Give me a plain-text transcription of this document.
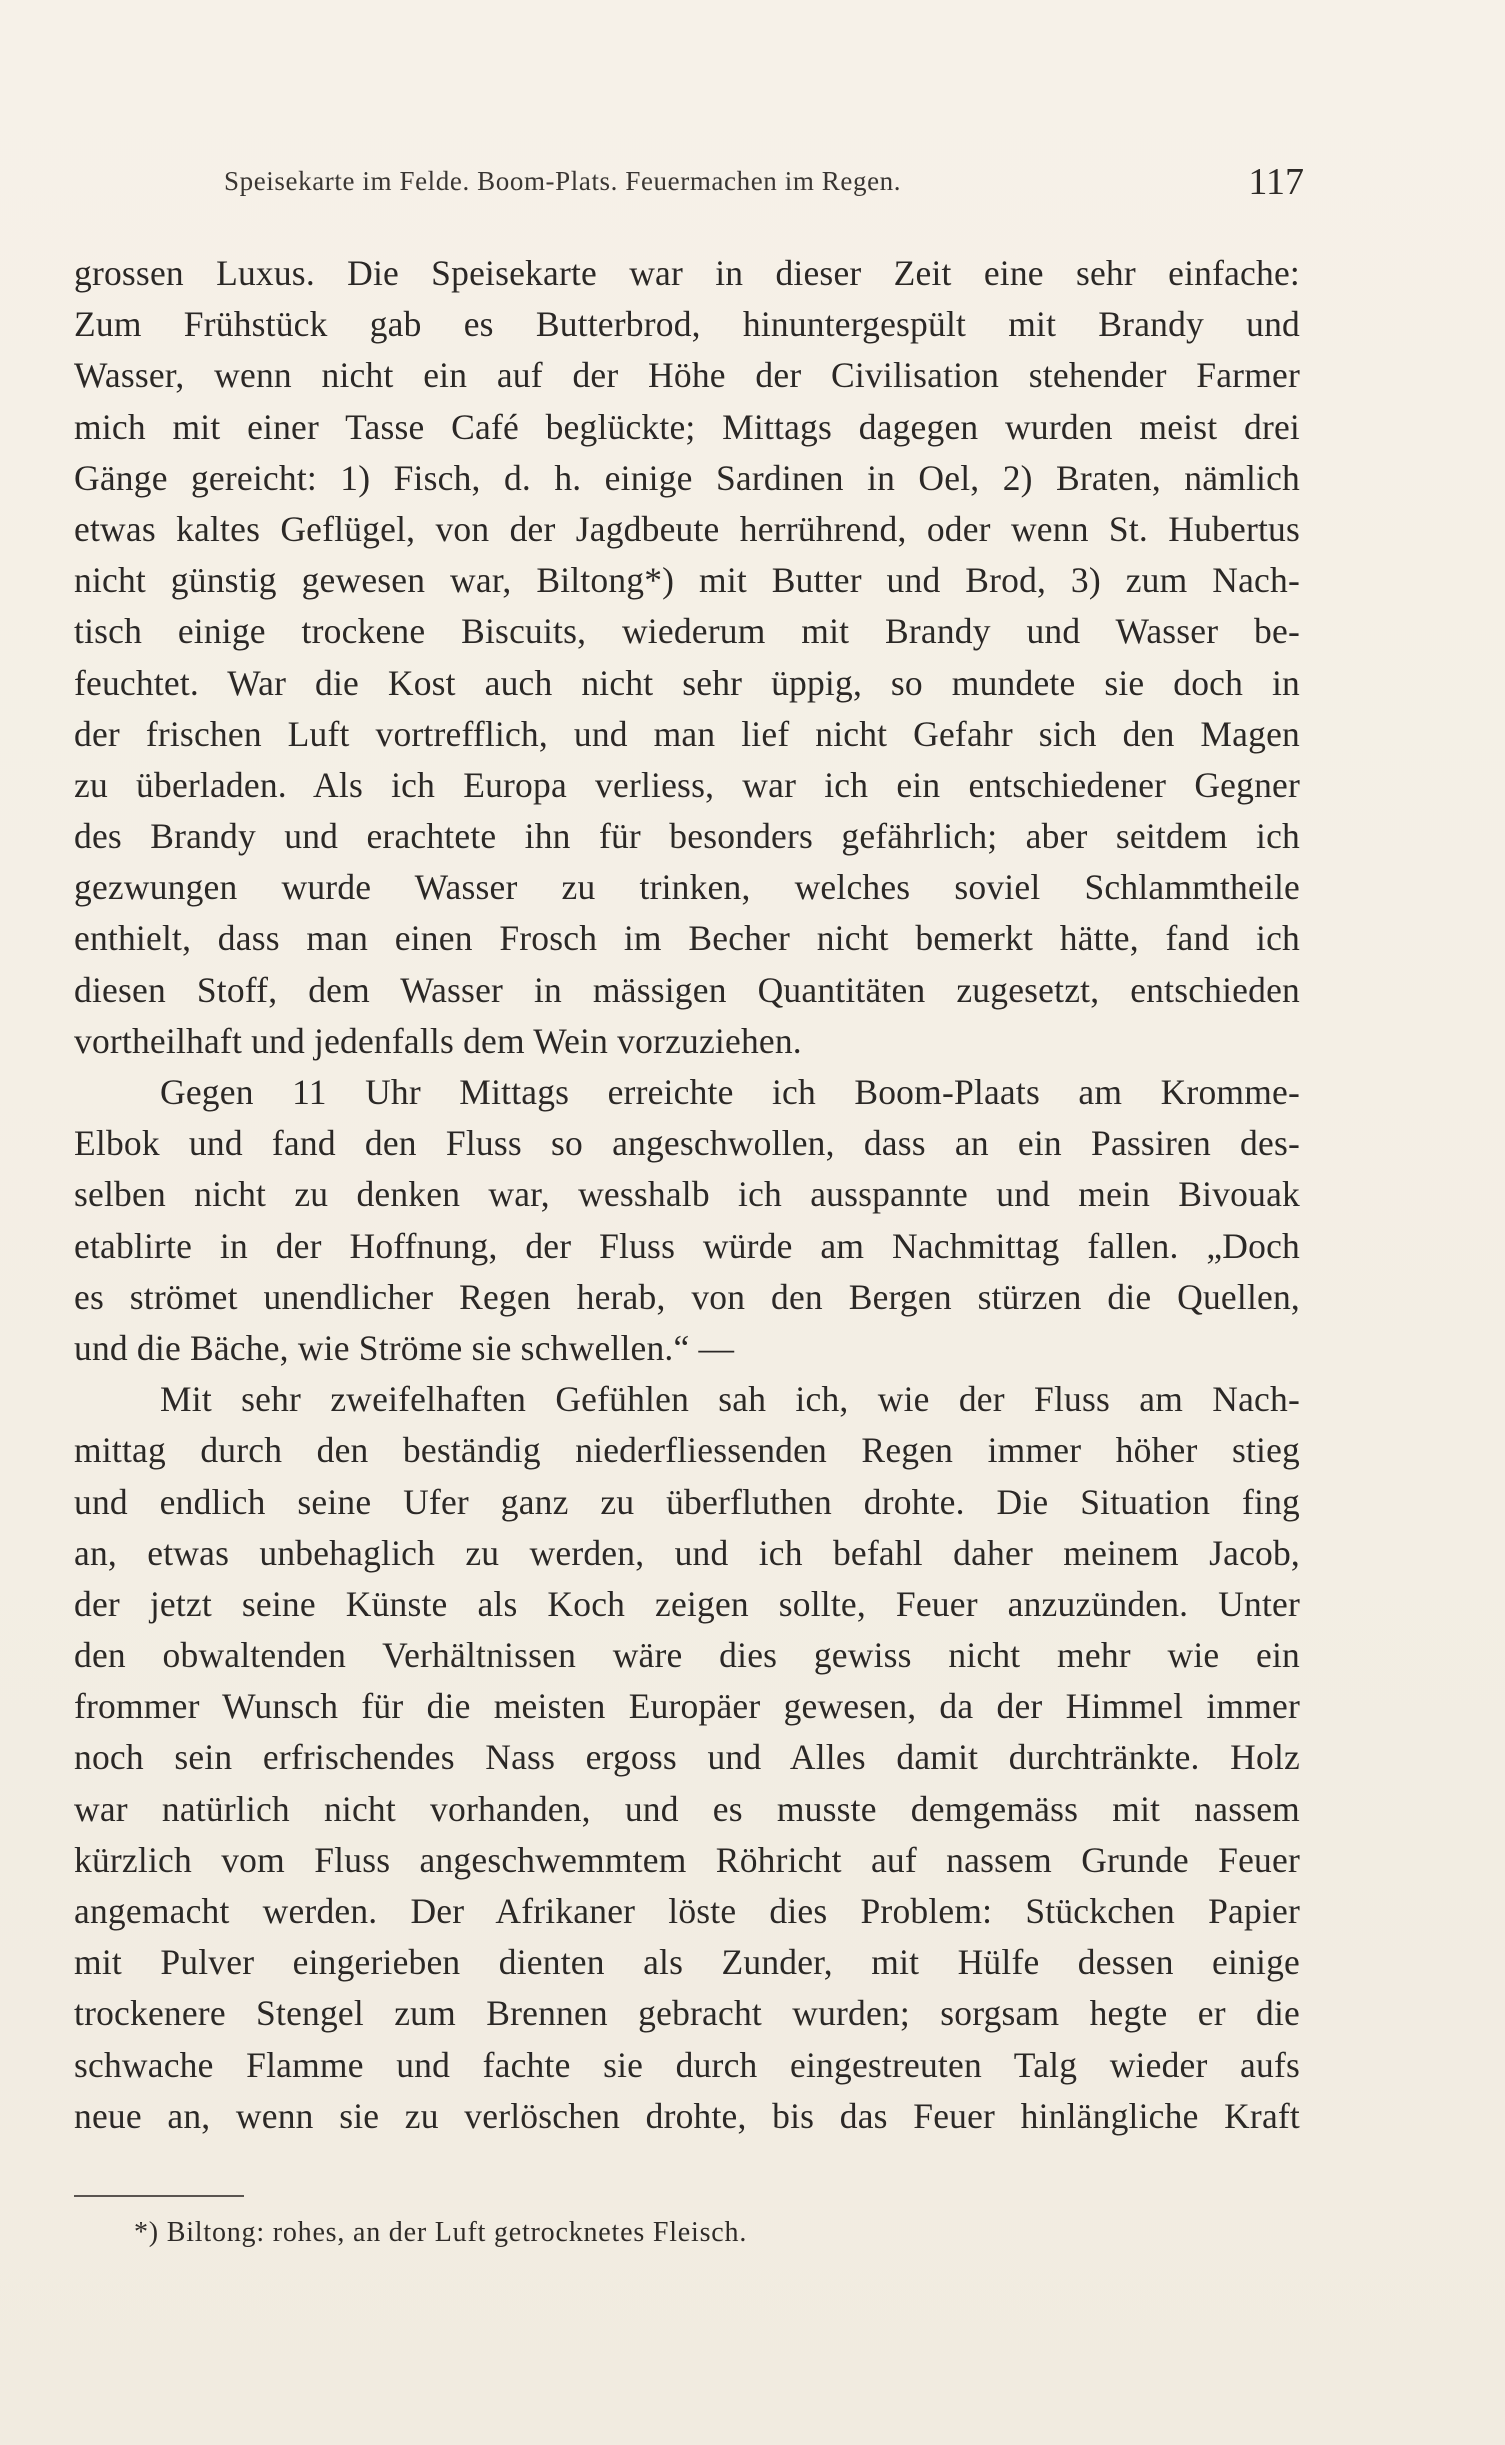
Speisekarte im Felde. Boom-Plats. Feuermachen im Regen.	117
grossen Luxus. Die Speisekarte war in dieser Zeit eine sehr einfache:
Zum Frühstück gab es Butterbrod, hinuntergespült mit Brandy und
Wasser, wenn nicht ein auf der Höhe der Civilisation stehender Farmer
mich mit einer Tasse Café beglückte; Mittags dagegen wurden meist drei
Gänge gereicht: 1) Fisch, d. h. einige Sardinen in Oel, 2) Braten, nämlich
etwas kaltes Geflügel, von der Jagdbeute herrührend, oder wenn St. Hubertus
nicht günstig gewesen war, Biltong*) mit Butter und Brod, 3) zum Nach-
tisch einige trockene Biscuits, wiederum mit Brandy und Wasser be-
feuchtet. War die Kost auch nicht sehr üppig, so mundete sie doch in
der frischen Luft vortrefflich, und man lief nicht Gefahr sich den Magen
zu überladen. Als ich Europa verliess, war ich ein entschiedener Gegner
des Brandy und erachtete ihn für besonders gefährlich; aber seitdem ich
gezwungen wurde Wasser zu trinken, welches soviel Schlammtheile
enthielt, dass man einen Frosch im Becher nicht bemerkt hätte, fand ich
diesen Stoff, dem Wasser in mässigen Quantitäten zugesetzt, entschieden
vortheilhaft und jedenfalls dem Wein vorzuziehen.
Gegen 11 Uhr Mittags erreichte ich Boom-Plaats am Kromme-
Elbok und fand den Fluss so angeschwollen, dass an ein Passiren des-
selben nicht zu denken war, wesshalb ich ausspannte und mein Bivouak
etablirte in der Hoffnung, der Fluss würde am Nachmittag fallen. „Doch
es strömet unendlicher Regen herab, von den Bergen stürzen die Quellen,
und die Bäche, wie Ströme sie schwellen.“ —
Mit sehr zweifelhaften Gefühlen sah ich, wie der Fluss am Nach-
mittag durch den beständig niederfliessenden Regen immer höher stieg
und endlich seine Ufer ganz zu überfluthen drohte. Die Situation fing
an, etwas unbehaglich zu werden, und ich befahl daher meinem Jacob,
der jetzt seine Künste als Koch zeigen sollte, Feuer anzuzünden. Unter
den obwaltenden Verhältnissen wäre dies gewiss nicht mehr wie ein
frommer Wunsch für die meisten Europäer gewesen, da der Himmel immer
noch sein erfrischendes Nass ergoss und Alles damit durchtränkte. Holz
war natürlich nicht vorhanden, und es musste demgemäss mit nassem
kürzlich vom Fluss angeschwemmtem Röhricht auf nassem Grunde Feuer
angemacht werden. Der Afrikaner löste dies Problem: Stückchen Papier
mit Pulver eingerieben dienten als Zunder, mit Hülfe dessen einige
trockenere Stengel zum Brennen gebracht wurden; sorgsam hegte er die
schwache Flamme und fachte sie durch eingestreuten Talg wieder aufs
neue an, wenn sie zu verlöschen drohte, bis das Feuer hinlängliche Kraft
*) Biltong: rohes, an der Luft getrocknetes Fleisch.
